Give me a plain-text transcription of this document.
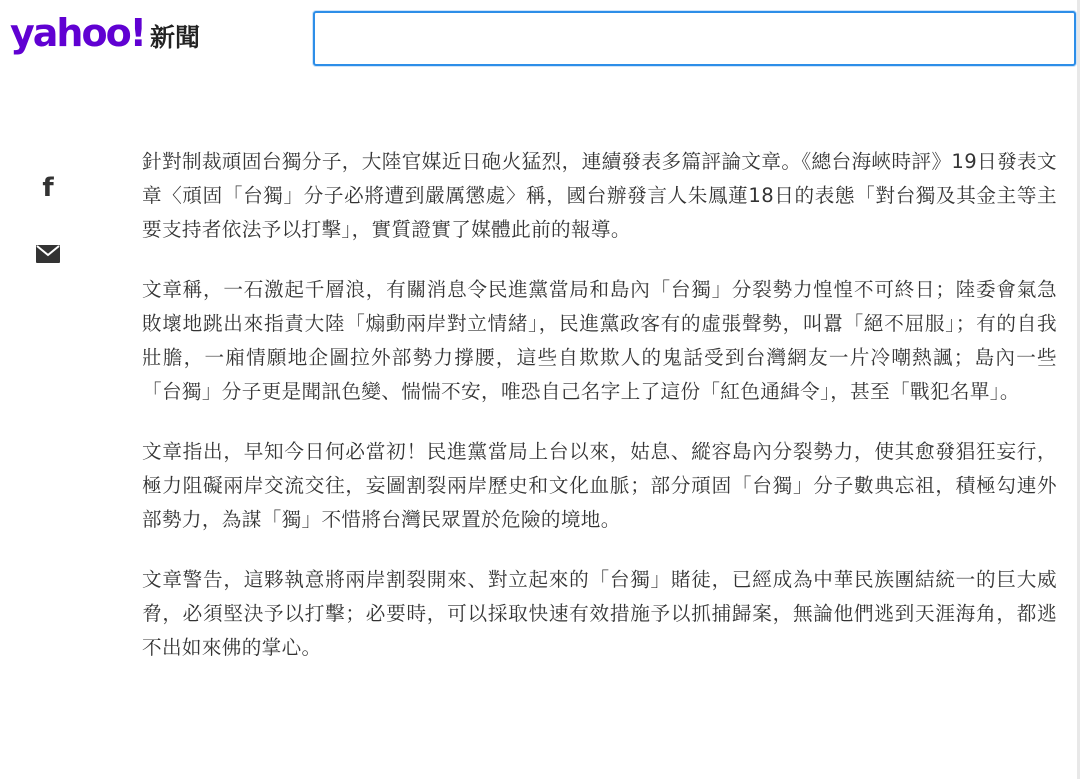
yahoo! 新聞
f

針對制裁頑固台獨分子，大陸官媒近日砲火猛烈，連續發表多篇評論文章。《總台海峽時評》19日發表文章〈頑固「台獨」分子必將遭到嚴厲懲處〉稱，國台辦發言人朱鳳蓮18日的表態「對台獨及其金主等主要支持者依法予以打擊」，實質證實了媒體此前的報導。

文章稱，一石激起千層浪，有關消息令民進黨當局和島內「台獨」分裂勢力惶惶不可終日；陸委會氣急敗壞地跳出來指責大陸「煽動兩岸對立情緒」，民進黨政客有的虛張聲勢，叫囂「絕不屈服」；有的自我壯膽，一廂情願地企圖拉外部勢力撐腰，這些自欺欺人的鬼話受到台灣網友一片冷嘲熱諷；島內一些「台獨」分子更是聞訊色變、惴惴不安，唯恐自己名字上了這份「紅色通緝令」，甚至「戰犯名單」。

文章指出，早知今日何必當初！民進黨當局上台以來，姑息、縱容島內分裂勢力，使其愈發猖狂妄行，極力阻礙兩岸交流交往，妄圖割裂兩岸歷史和文化血脈；部分頑固「台獨」分子數典忘祖，積極勾連外部勢力，為謀「獨」不惜將台灣民眾置於危險的境地。

文章警告，這夥執意將兩岸割裂開來、對立起來的「台獨」賭徒，已經成為中華民族團結統一的巨大威脅，必須堅決予以打擊；必要時，可以採取快速有效措施予以抓捕歸案，無論他們逃到天涯海角，都逃不出如來佛的掌心。
